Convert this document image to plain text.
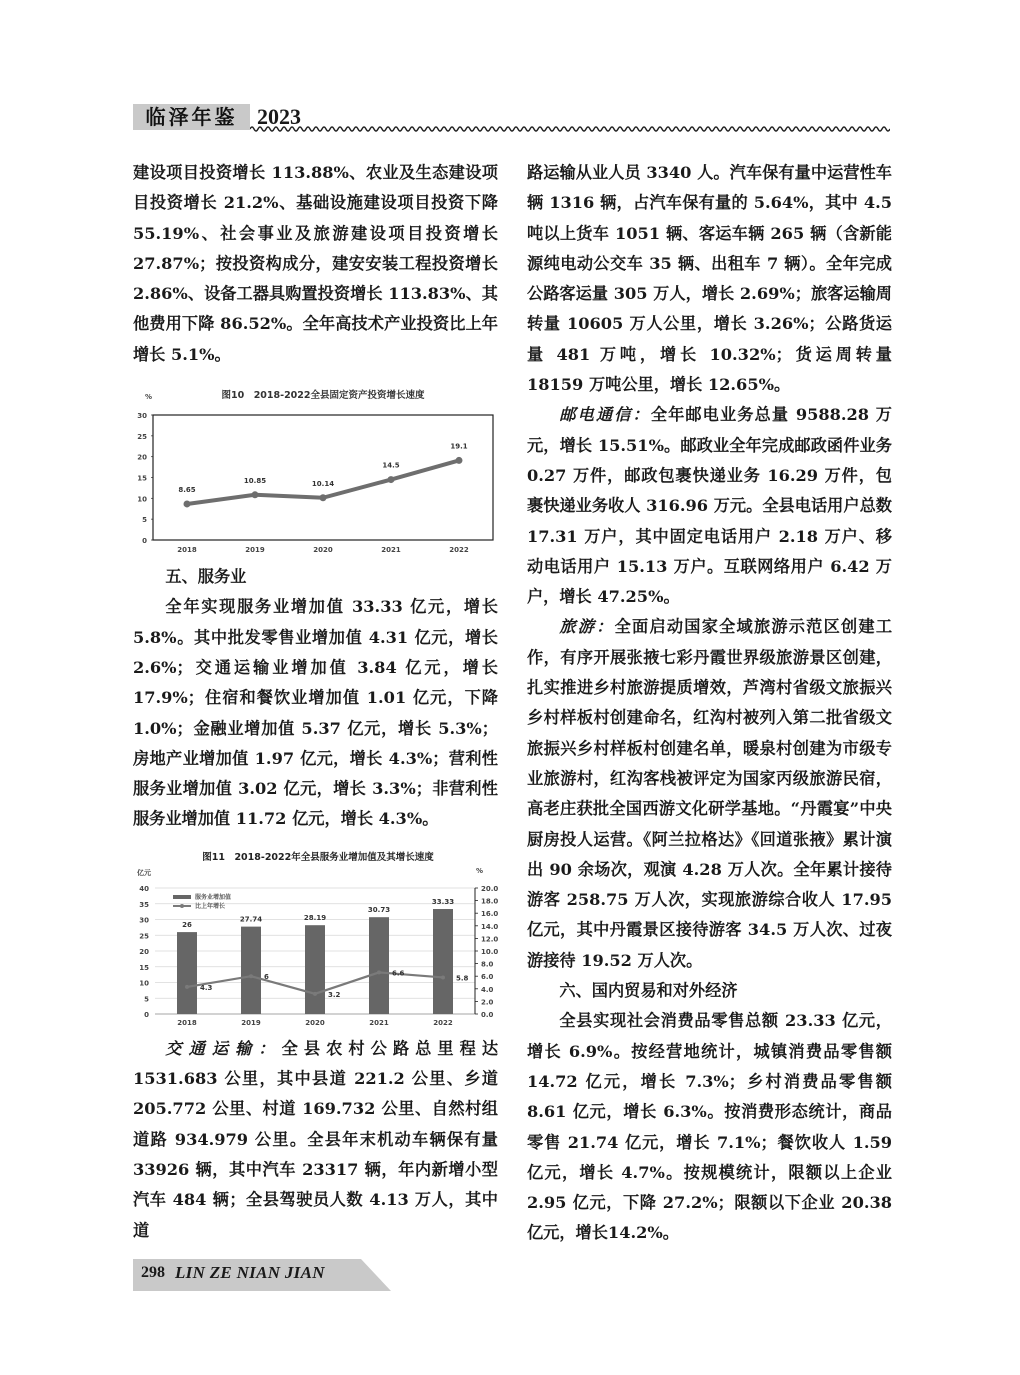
临泽年鉴 2023

建设项目投资增长 113.88%、农业及生态建设项目投资增长 21.2%、基础设施建设项目投资下降 55.19%、社会事业及旅游建设项目投资增长 27.87%；按投资构成分，建安安装工程投资增长 2.86%、设备工器具购置投资增长 113.83%、其他费用下降 86.52%。全年高技术产业投资比上年增长 5.1%。

图10　2018-2022全县固定资产投资增长速度
%
0
5
10
15
20
25
30
2018	2019	2020	2021	2022
8.65
10.85	10.14
14.5
19.1

五、服务业

全年实现服务业增加值 33.33 亿元，增长 5.8%。其中批发零售业增加值 4.31 亿元，增长 2.6%；交通运输业增加值 3.84 亿元，增长 17.9%；住宿和餐饮业增加值 1.01 亿元，下降 1.0%；金融业增加值 5.37 亿元，增长 5.3%；房地产业增加值 1.97 亿元，增长 4.3%；营利性服务业增加值 3.02 亿元，增长 3.3%；非营利性服务业增加值 11.72 亿元，增长 4.3%。

图11　2018-2022年全县服务业增加值及其增长速度
亿元	%
0
5
10
15
20
25
30
35
40
0.0
2.0
4.0
6.0
8.0
10.0
12.0
14.0
16.0
18.0
20.0
26
27.74	28.19
30.73
33.33
4.3
6
3.2
6.6
5.8
2018	2019	2020	2021	2022
服务业增加值
比上年增长

交通运输：全县农村公路总里程达 1531.683 公里，其中县道 221.2 公里、乡道 205.772 公里、村道 169.732 公里、自然村组道路 934.979 公里。全县年末机动车辆保有量 33926 辆，其中汽车 23317 辆，年内新增小型汽车 484 辆；全县驾驶员人数 4.13 万人，其中道

路运输从业人员 3340 人。汽车保有量中运营性车辆 1316 辆，占汽车保有量的 5.64%，其中 4.5 吨以上货车 1051 辆、客运车辆 265 辆（含新能源纯电动公交车 35 辆、出租车 7 辆）。全年完成公路客运量 305 万人，增长 2.69%；旅客运输周转量 10605 万人公里，增长 3.26%；公路货运量 481 万吨，增长 10.32%；货运周转量 18159 万吨公里，增长 12.65%。

邮电通信：全年邮电业务总量 9588.28 万元，增长 15.51%。邮政业全年完成邮政函件业务 0.27 万件，邮政包裹快递业务 16.29 万件，包裹快递业务收人 316.96 万元。全县电话用户总数 17.31 万户，其中固定电话用户 2.18 万户、移动电话用户 15.13 万户。互联网络用户 6.42 万户，增长 47.25%。

旅游：全面启动国家全域旅游示范区创建工作，有序开展张掖七彩丹霞世界级旅游景区创建，扎实推进乡村旅游提质增效，芦湾村省级文旅振兴乡村样板村创建命名，红沟村被列入第二批省级文旅振兴乡村样板村创建名单，暖泉村创建为市级专业旅游村，红沟客栈被评定为国家丙级旅游民宿，高老庄获批全国西游文化研学基地。“丹霞宴”中央厨房投人运营。《阿兰拉格达》《回道张掖》累计演出 90 余场次，观演 4.28 万人次。全年累计接待游客 258.75 万人次，实现旅游综合收人 17.95 亿元，其中丹霞景区接待游客 34.5 万人次、过夜游接待 19.52 万人次。

六、国内贸易和对外经济

全县实现社会消费品零售总额 23.33 亿元，增长 6.9%。按经营地统计，城镇消费品零售额 14.72 亿元，增长 7.3%；乡村消费品零售额 8.61 亿元，增长 6.3%。按消费形态统计，商品零售 21.74 亿元，增长 7.1%；餐饮收人 1.59 亿元，增长 4.7%。按规模统计，限额以上企业 2.95 亿元，下降 27.2%；限额以下企业 20.38 亿元，增长14.2%。

298 LIN ZE NIAN JIAN
